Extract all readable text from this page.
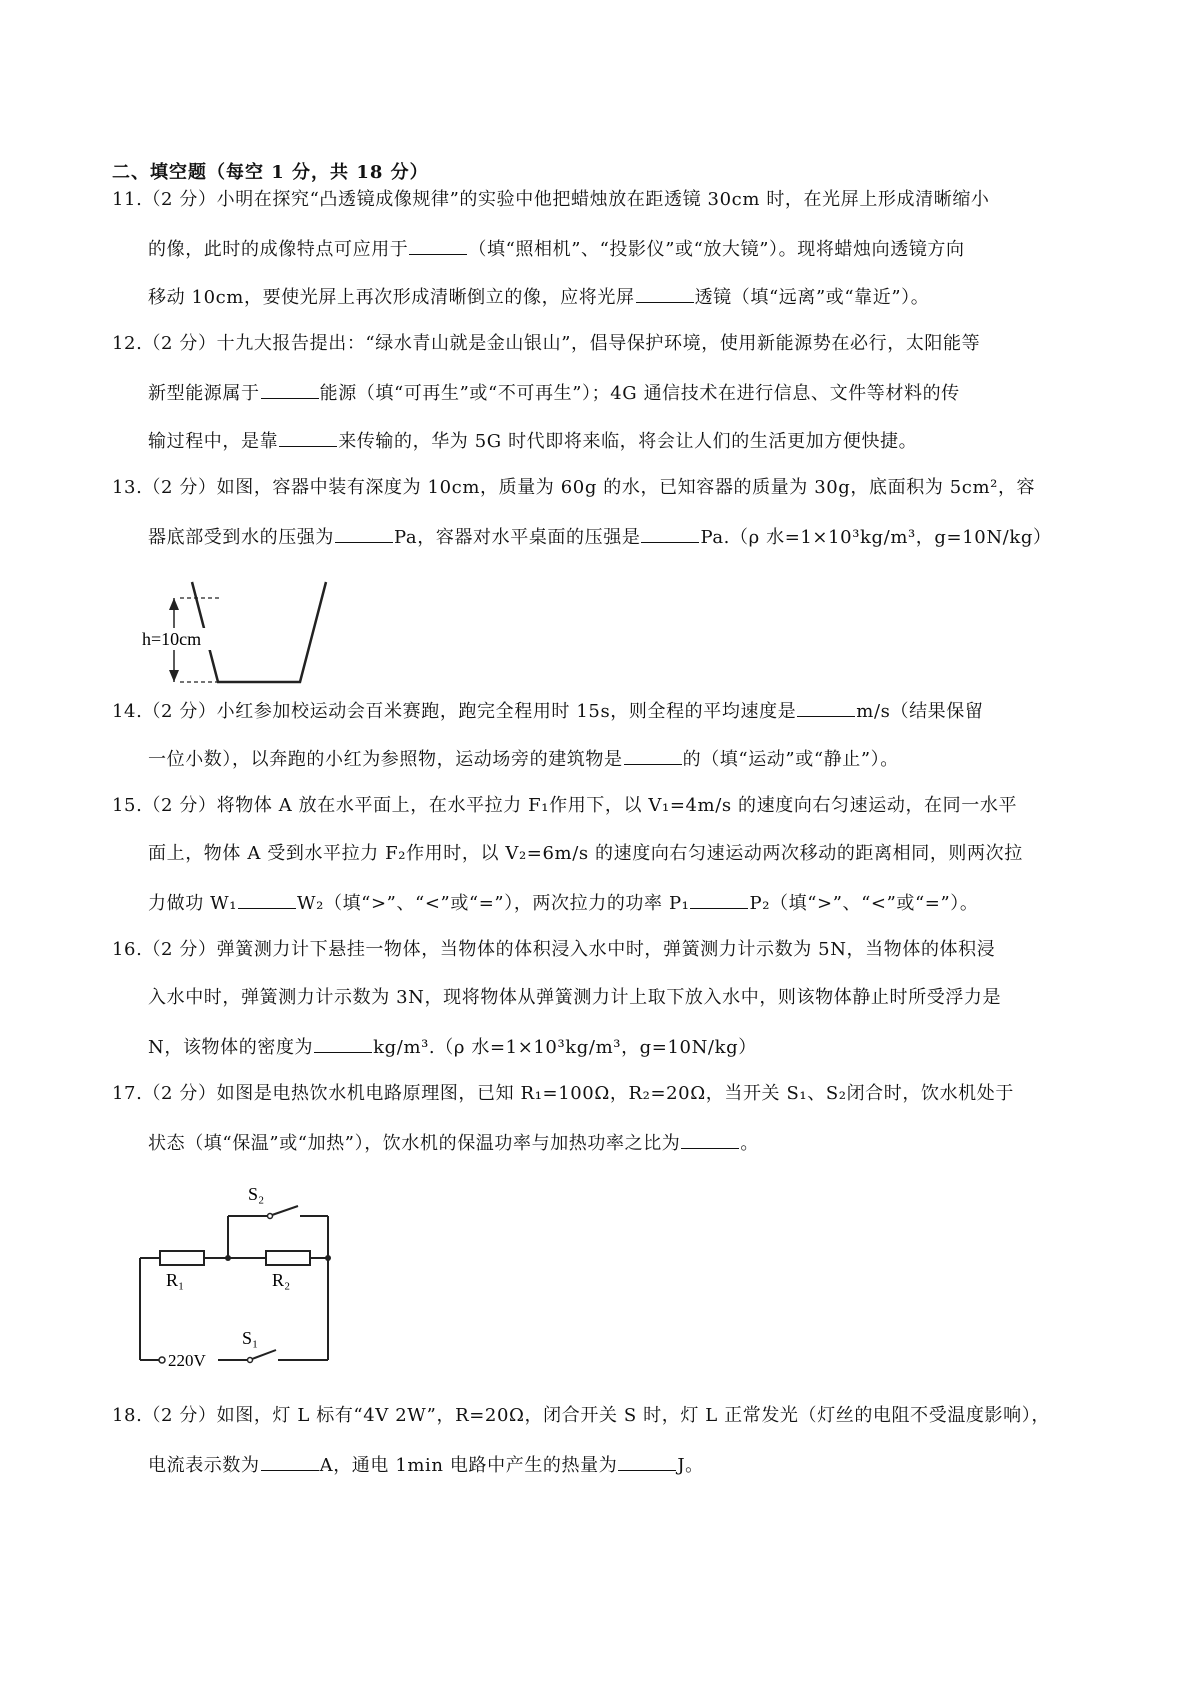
二、填空题（每空 1 分，共 18 分）
11.（2 分）小明在探究“凸透镜成像规律”的实验中他把蜡烛放在距透镜 30cm 时，在光屏上形成清晰缩小
的像，此时的成像特点可应用于	（填“照相机”、“投影仪”或“放大镜”）。现将蜡烛向透镜方向
移动 10cm，要使光屏上再次形成清晰倒立的像，应将光屏	透镜（填“远离”或“靠近”）。
12.（2 分）十九大报告提出：“绿水青山就是金山银山”，倡导保护环境，使用新能源势在必行，太阳能等
新型能源属于	能源（填“可再生”或“不可再生”）；4G 通信技术在进行信息、文件等材料的传
输过程中，是靠	来传输的，华为 5G 时代即将来临，将会让人们的生活更加方便快捷。
13.（2 分）如图，容器中装有深度为 10cm，质量为 60g 的水，已知容器的质量为 30g，底面积为 5cm²，容
器底部受到水的压强为	Pa，容器对水平桌面的压强是	Pa.（ρ 水=1×10³kg/m³，g=10N/kg）
h=10cm
14.（2 分）小红参加校运动会百米赛跑，跑完全程用时 15s，则全程的平均速度是	m/s（结果保留
一位小数），以奔跑的小红为参照物，运动场旁的建筑物是	的（填“运动”或“静止”）。
15.（2 分）将物体 A 放在水平面上，在水平拉力 F₁作用下，以 V₁=4m/s 的速度向右匀速运动，在同一水平
面上，物体 A 受到水平拉力 F₂作用时，以 V₂=6m/s 的速度向右匀速运动两次移动的距离相同，则两次拉
力做功 W₁	W₂（填“>”、“<”或“=”），两次拉力的功率 P₁	P₂（填“>”、“<”或“=”）。
16.（2 分）弹簧测力计下悬挂一物体，当物体的体积浸入水中时，弹簧测力计示数为 5N，当物体的体积浸
入水中时，弹簧测力计示数为 3N，现将物体从弹簧测力计上取下放入水中，则该物体静止时所受浮力是
N，该物体的密度为	kg/m³.（ρ 水=1×10³kg/m³，g=10N/kg）
17.（2 分）如图是电热饮水机电路原理图，已知 R₁=100Ω，R₂=20Ω，当开关 S₁、S₂闭合时，饮水机处于
状态（填“保温”或“加热”），饮水机的保温功率与加热功率之比为	。
S₂
R₁	R₂
220V
S₁
18.（2 分）如图，灯 L 标有“4V 2W”，R=20Ω，闭合开关 S 时，灯 L 正常发光（灯丝的电阻不受温度影响），
电流表示数为	A，通电 1min 电路中产生的热量为	J。
